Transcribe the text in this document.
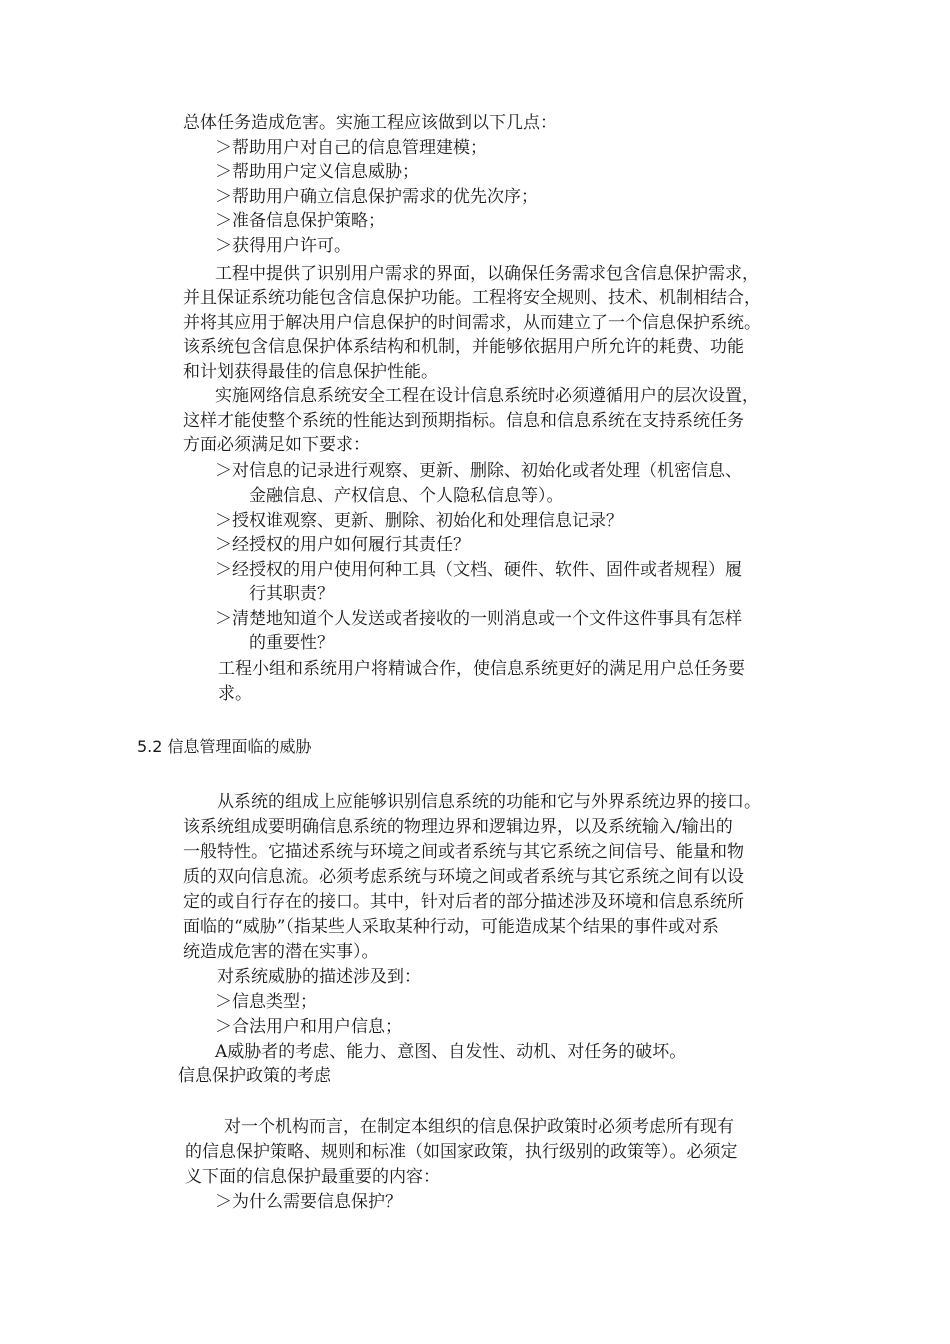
总体任务造成危害。实施工程应该做到以下几点：
＞帮助用户对自己的信息管理建模；
＞帮助用户定义信息威胁；
＞帮助用户确立信息保护需求的优先次序；
＞准备信息保护策略；
＞获得用户许可。
工程中提供了识别用户需求的界面，以确保任务需求包含信息保护需求，
并且保证系统功能包含信息保护功能。工程将安全规则、技术、机制相结合，
并将其应用于解决用户信息保护的时间需求，从而建立了一个信息保护系统。
该系统包含信息保护体系结构和机制，并能够依据用户所允许的耗费、功能
和计划获得最佳的信息保护性能。
实施网络信息系统安全工程在设计信息系统时必须遵循用户的层次设置，
这样才能使整个系统的性能达到预期指标。信息和信息系统在支持系统任务
方面必须满足如下要求：
＞对信息的记录进行观察、更新、删除、初始化或者处理（机密信息、
金融信息、产权信息、个人隐私信息等）。
＞授权谁观察、更新、删除、初始化和处理信息记录？
＞经授权的用户如何履行其责任？
＞经授权的用户使用何种工具（文档、硬件、软件、固件或者规程）履
行其职责？
＞清楚地知道个人发送或者接收的一则消息或一个文件这件事具有怎样
的重要性？
工程小组和系统用户将精诚合作，使信息系统更好的满足用户总任务要
求。
5.2 信息管理面临的威胁
从系统的组成上应能够识别信息系统的功能和它与外界系统边界的接口。
该系统组成要明确信息系统的物理边界和逻辑边界，以及系统输入/输出的
一般特性。它描述系统与环境之间或者系统与其它系统之间信号、能量和物
质的双向信息流。必须考虑系统与环境之间或者系统与其它系统之间有以设
定的或自行存在的接口。其中，针对后者的部分描述涉及环境和信息系统所
面临的“威胁”（指某些人采取某种行动，可能造成某个结果的事件或对系
统造成危害的潜在实事）。
对系统威胁的描述涉及到：
＞信息类型；
＞合法用户和用户信息；
A威胁者的考虑、能力、意图、自发性、动机、对任务的破坏。
信息保护政策的考虑
对一个机构而言，在制定本组织的信息保护政策时必须考虑所有现有
的信息保护策略、规则和标准（如国家政策，执行级别的政策等）。必须定
义下面的信息保护最重要的内容：
＞为什么需要信息保护？
